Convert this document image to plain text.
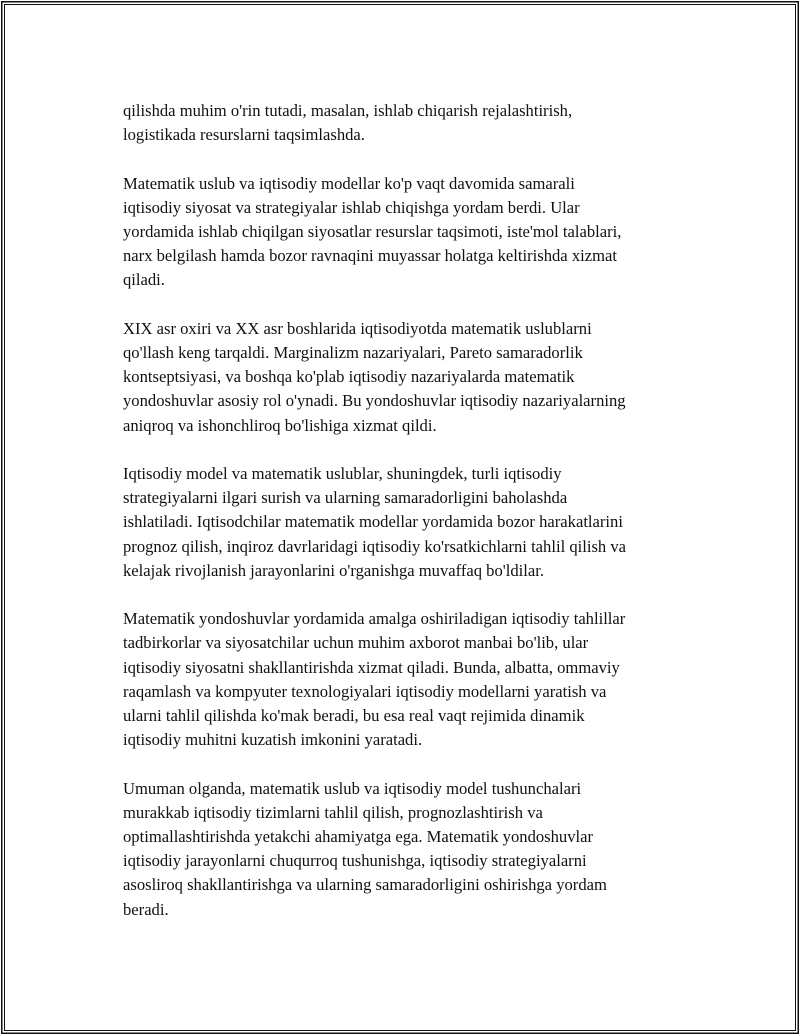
qilishda muhim o'rin tutadi, masalan, ishlab chiqarish rejalashtirish,
logistikada resurslarni taqsimlashda.

Matematik uslub va iqtisodiy modellar ko'p vaqt davomida samarali
iqtisodiy siyosat va strategiyalar ishlab chiqishga yordam berdi. Ular
yordamida ishlab chiqilgan siyosatlar resurslar taqsimoti, iste'mol talablari,
narx belgilash hamda bozor ravnaqini muyassar holatga keltirishda xizmat
qiladi.

XIX asr oxiri va XX asr boshlarida iqtisodiyotda matematik uslublarni
qo'llash keng tarqaldi. Marginalizm nazariyalari, Pareto samaradorlik
kontseptsiyasi, va boshqa ko'plab iqtisodiy nazariyalarda matematik
yondoshuvlar asosiy rol o'ynadi. Bu yondoshuvlar iqtisodiy nazariyalarning
aniqroq va ishonchliroq bo'lishiga xizmat qildi.

Iqtisodiy model va matematik uslublar, shuningdek, turli iqtisodiy
strategiyalarni ilgari surish va ularning samaradorligini baholashda
ishlatiladi. Iqtisodchilar matematik modellar yordamida bozor harakatlarini
prognoz qilish, inqiroz davrlaridagi iqtisodiy ko'rsatkichlarni tahlil qilish va
kelajak rivojlanish jarayonlarini o'rganishga muvaffaq bo'ldilar.

Matematik yondoshuvlar yordamida amalga oshiriladigan iqtisodiy tahlillar
tadbirkorlar va siyosatchilar uchun muhim axborot manbai bo'lib, ular
iqtisodiy siyosatni shakllantirishda xizmat qiladi. Bunda, albatta, ommaviy
raqamlash va kompyuter texnologiyalari iqtisodiy modellarni yaratish va
ularni tahlil qilishda ko'mak beradi, bu esa real vaqt rejimida dinamik
iqtisodiy muhitni kuzatish imkonini yaratadi.

Umuman olganda, matematik uslub va iqtisodiy model tushunchalari
murakkab iqtisodiy tizimlarni tahlil qilish, prognozlashtirish va
optimallashtirishda yetakchi ahamiyatga ega. Matematik yondoshuvlar
iqtisodiy jarayonlarni chuqurroq tushunishga, iqtisodiy strategiyalarni
asosliroq shakllantirishga va ularning samaradorligini oshirishga yordam
beradi.
